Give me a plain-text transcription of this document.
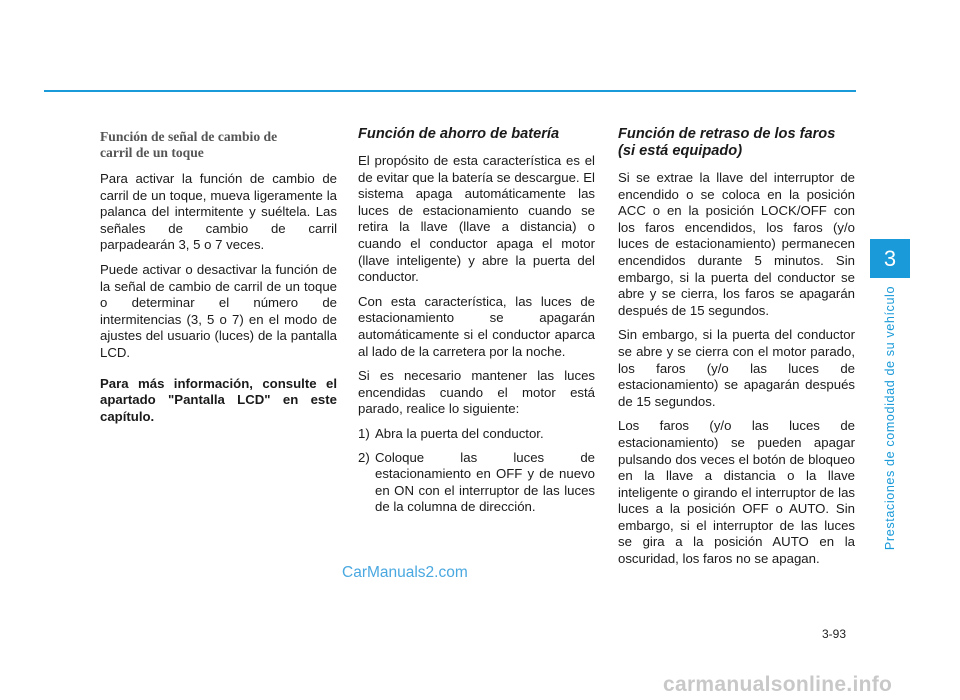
Función de señal de cambio de
carril de un toque

Para activar la función de cambio de carril de un toque, mueva ligeramente la palanca del intermitente y suéltela. Las señales de cambio de carril parpadearán 3, 5 o 7 veces.

Puede activar o desactivar la función de la señal de cambio de carril de un toque o determinar el número de intermitencias (3, 5 o 7) en el modo de ajustes del usuario (luces) de la pantalla LCD.

Para más información, consulte el apartado "Pantalla LCD" en este capítulo.

Función de ahorro de batería

El propósito de esta característica es el de evitar que la batería se descargue. El sistema apaga automáticamente las luces de estacionamiento cuando se retira la llave (llave a distancia) o cuando el conductor apaga el motor (llave inteligente) y abre la puerta del conductor.

Con esta característica, las luces de estacionamiento se apagarán automáticamente si el conductor aparca al lado de la carretera por la noche.

Si es necesario mantener las luces encendidas cuando el motor está parado, realice lo siguiente:

1) Abra la puerta del conductor.
2) Coloque las luces de estacionamiento en OFF y de nuevo en ON con el interruptor de las luces de la columna de dirección.
Función de retraso de los faros
(si está equipado)

Si se extrae la llave del interruptor de encendido o se coloca en la posición ACC o en la posición LOCK/OFF con los faros encendidos, los faros (y/o luces de estacionamiento) permanecen encendidos durante 5 minutos. Sin embargo, si la puerta del conductor se abre y se cierra, los faros se apagarán después de 15 segundos.

Sin embargo, si la puerta del conductor se abre y se cierra con el motor parado, los faros (y/o las luces de estacionamiento) se apagarán después de 15 segundos.

Los faros (y/o las luces de estacionamiento) se pueden apagar pulsando dos veces el botón de bloqueo en la llave a distancia o la llave inteligente o girando el interruptor de las luces a la posición OFF o AUTO. Sin embargo, si el interruptor de las luces se gira a la posición AUTO en la oscuridad, los faros no se apagan.

3
Prestaciones de comodidad de su vehículo
CarManuals2.com
3-93
carmanualsonline.info
